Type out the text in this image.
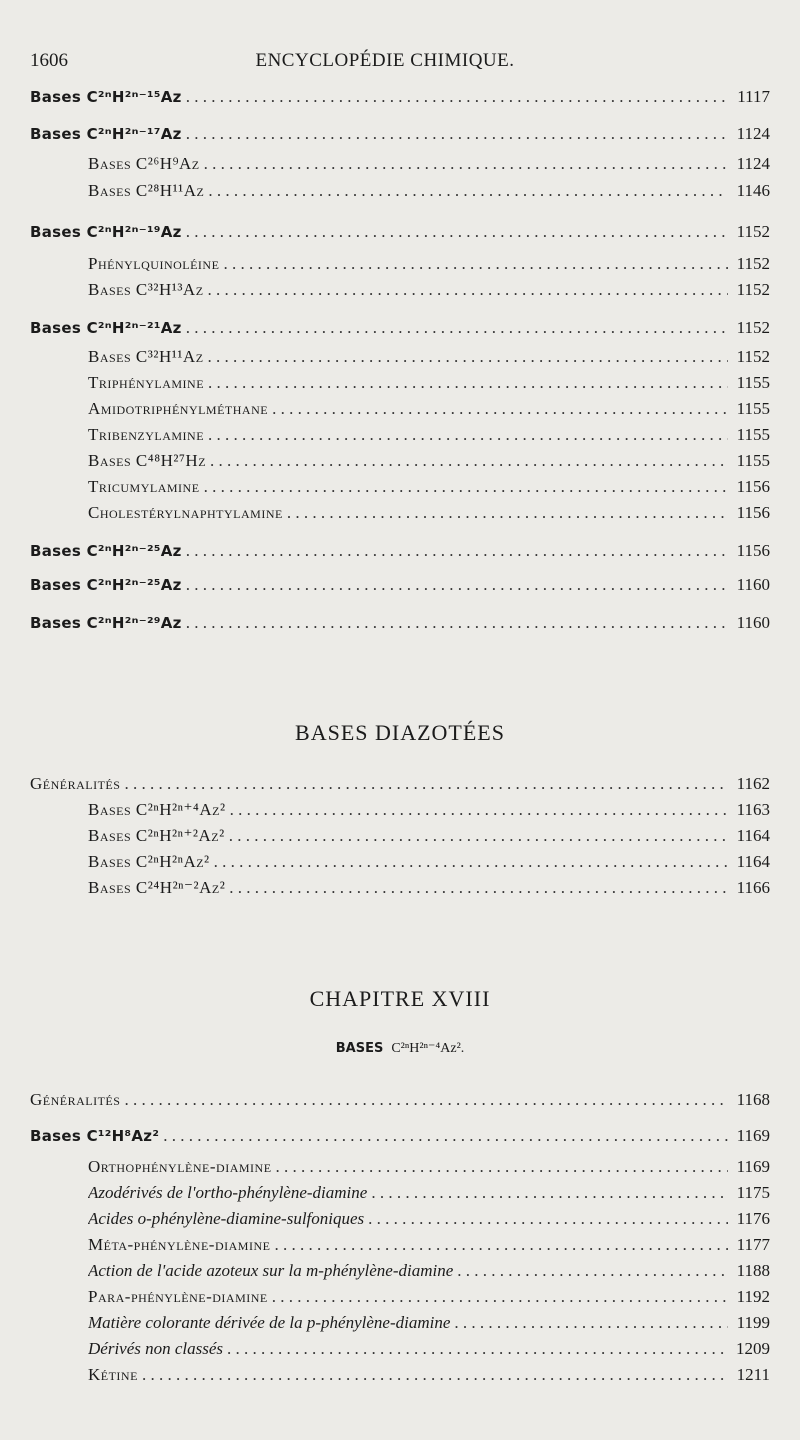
1606	ENCYCLOPÉDIE CHIMIQUE.
Bases C²ⁿH²ⁿ⁻¹⁵Az . . .	1117
Bases C²ⁿH²ⁿ⁻¹⁷Az . . .	1124
Bases C²⁶H⁹Az . . .	1124
Bases C²⁸H¹¹Az . . .	1146
Bases C²ⁿH²ⁿ⁻¹⁹Az . . .	1152
Phénylquinoléine . . .	1152
Bases C³²H¹³Az . . .	1152
Bases C²ⁿH²ⁿ⁻²¹Az . . .	1152
Bases C³²H¹¹Az . . .	1152
Triphénylamine . . .	1155
Amidotriphénylméthane . . .	1155
Tribenzylamine . . .	1155
Bases C⁴⁸H²⁷Hz . . .	1155
Tricumylamine . . .	1156
Cholestérylnaphtylamine . . .	1156
Bases C²ⁿH²ⁿ⁻²⁵Az . . .	1156
Bases C²ⁿH²ⁿ⁻²⁵Az . . .	1160
Bases C²ⁿH²ⁿ⁻²⁹Az . . .	1160
BASES DIAZOTÉES
Généralités . . .	1162
Bases C²ⁿH²ⁿ⁺⁴Az² . . .	1163
Bases C²ⁿH²ⁿ⁺²Az² . . .	1164
Bases C²ⁿH²ⁿAz² . . .	1164
Bases C²⁴H²ⁿ⁻²Az² . . .	1166
CHAPITRE XVIII
BASES C²ⁿH²ⁿ⁻⁴Az².
Généralités . . .	1168
Bases C¹²H⁸Az² . . .	1169
Orthophénylène-diamine . . .	1169
Azodérivés de l'ortho-phénylène-diamine . . .	1175
Acides o-phénylène-diamine-sulfoniques . . .	1176
Méta-phénylène-diamine . . .	1177
Action de l'acide azoteux sur la m-phénylène-diamine . . .	1188
Para-phénylène-diamine . . .	1192
Matière colorante dérivée de la p-phénylène-diamine . . .	1199
Dérivés non classés . . .	1209
Kétine . . .	1211
